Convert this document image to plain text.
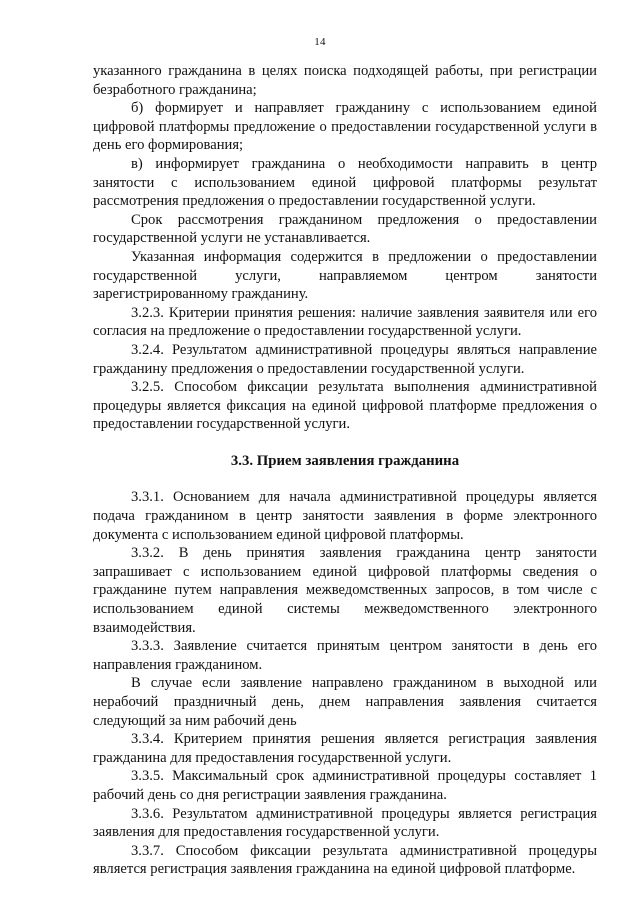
14

указанного гражданина в целях поиска подходящей работы, при регистрации безработного гражданина;

б) формирует и направляет гражданину с использованием единой цифровой платформы предложение о предоставлении государственной услуги в день его формирования;

в) информирует гражданина о необходимости направить в центр занятости с использованием единой цифровой платформы результат рассмотрения предложения о предоставлении государственной услуги.

Срок рассмотрения гражданином предложения о предоставлении государственной услуги не устанавливается.

Указанная информация содержится в предложении о предоставлении государственной услуги, направляемом центром занятости зарегистрированному гражданину.

3.2.3. Критерии принятия решения: наличие заявления заявителя или его согласия на предложение о предоставлении государственной услуги.

3.2.4. Результатом административной процедуры являться направление гражданину предложения о предоставлении государственной услуги.

3.2.5. Способом фиксации результата выполнения административной процедуры является фиксация на единой цифровой платформе предложения о предоставлении государственной услуги.

3.3. Прием заявления гражданина

3.3.1. Основанием для начала административной процедуры является подача гражданином в центр занятости заявления в форме электронного документа с использованием единой цифровой платформы.

3.3.2. В день принятия заявления гражданина центр занятости запрашивает с использованием единой цифровой платформы сведения о гражданине путем направления межведомственных запросов, в том числе с использованием единой системы межведомственного электронного взаимодействия.

3.3.3. Заявление считается принятым центром занятости в день его направления гражданином.

В случае если заявление направлено гражданином в выходной или нерабочий праздничный день, днем направления заявления считается следующий за ним рабочий день

3.3.4. Критерием принятия решения является регистрация заявления гражданина для предоставления государственной услуги.

3.3.5. Максимальный срок административной процедуры составляет 1 рабочий день со дня регистрации заявления гражданина.

3.3.6. Результатом административной процедуры является регистрация заявления для предоставления государственной услуги.

3.3.7. Способом фиксации результата административной процедуры является регистрация заявления гражданина на единой цифровой платформе.
